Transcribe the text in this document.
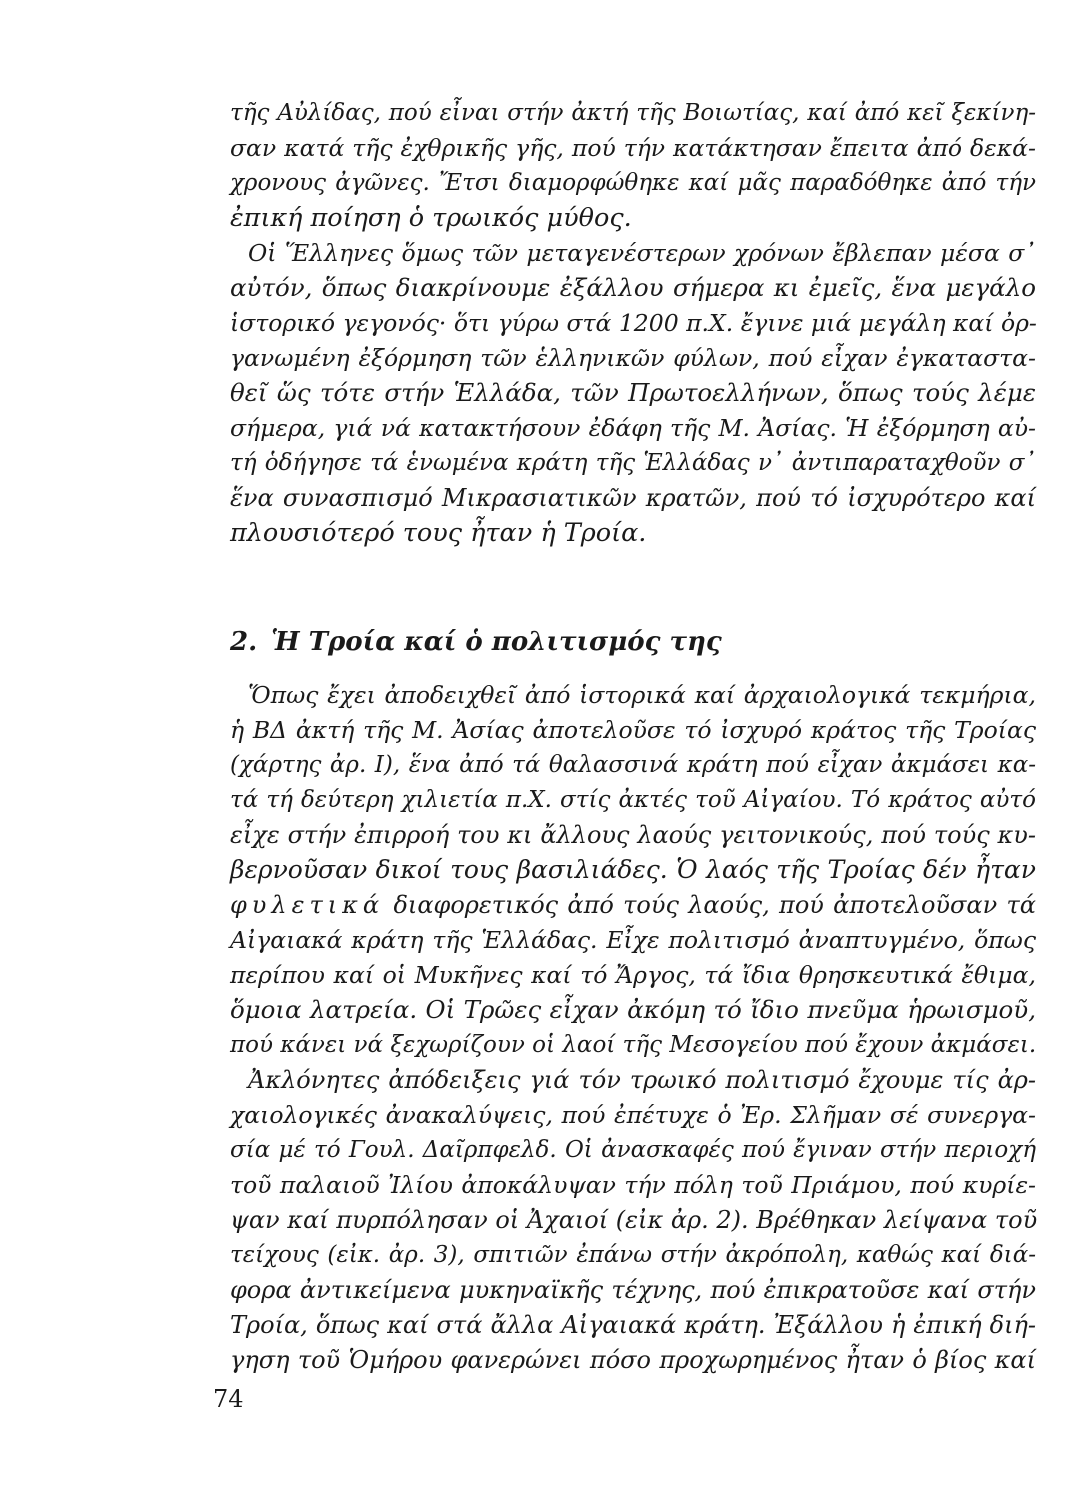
τῆς Αὐλίδας, πού εἶναι στήν ἀκτή τῆς Βοιωτίας, καί ἀπό κεῖ ξεκίνη-
σαν κατά τῆς ἐχθρικῆς γῆς, πού τήν κατάκτησαν ἔπειτα ἀπό δεκά-
χρονους ἀγῶνες. Ἔτσι διαμορφώθηκε καί μᾶς παραδόθηκε ἀπό τήν
ἐπική ποίηση ὁ τρωικός μύθος.
Οἱ Ἕλληνες ὅμως τῶν μεταγενέστερων χρόνων ἔβλεπαν μέσα σ᾽
αὐτόν, ὅπως διακρίνουμε ἐξάλλου σήμερα κι ἐμεῖς, ἕνα μεγάλο
ἱστορικό γεγονός· ὅτι γύρω στά 1200 π.Χ. ἔγινε μιά μεγάλη καί ὀρ-
γανωμένη ἐξόρμηση τῶν ἑλληνικῶν φύλων, πού εἶχαν ἐγκαταστα-
θεῖ ὥς τότε στήν Ἑλλάδα, τῶν Πρωτοελλήνων, ὅπως τούς λέμε
σήμερα, γιά νά κατακτήσουν ἐδάφη τῆς Μ. Ἀσίας. Ἡ ἐξόρμηση αὐ-
τή ὁδήγησε τά ἑνωμένα κράτη τῆς Ἑλλάδας ν᾽ ἀντιπαραταχθοῦν σ᾽
ἕνα συνασπισμό Μικρασιατικῶν κρατῶν, πού τό ἰσχυρότερο καί
πλουσιότερό τους ἦταν ἡ Τροία.
2. Ἡ Τροία καί ὁ πολιτισμός της
Ὅπως ἔχει ἀποδειχθεῖ ἀπό ἱστορικά καί ἀρχαιολογικά τεκμήρια,
ἡ ΒΔ ἀκτή τῆς Μ. Ἀσίας ἀποτελοῦσε τό ἰσχυρό κράτος τῆς Τροίας
(χάρτης ἀρ. Ι), ἕνα ἀπό τά θαλασσινά κράτη πού εἶχαν ἀκμάσει κα-
τά τή δεύτερη χιλιετία π.Χ. στίς ἀκτές τοῦ Αἰγαίου. Τό κράτος αὐτό
εἶχε στήν ἐπιρροή του κι ἄλλους λαούς γειτονικούς, πού τούς κυ-
βερνοῦσαν δικοί τους βασιλιάδες. Ὁ λαός τῆς Τροίας δέν ἦταν
φυλετικά διαφορετικός ἀπό τούς λαούς, πού ἀποτελοῦσαν τά
Αἰγαιακά κράτη τῆς Ἑλλάδας. Εἶχε πολιτισμό ἀναπτυγμένο, ὅπως
περίπου καί οἱ Μυκῆνες καί τό Ἄργος, τά ἴδια θρησκευτικά ἔθιμα,
ὅμοια λατρεία. Οἱ Τρῶες εἶχαν ἀκόμη τό ἴδιο πνεῦμα ἡρωισμοῦ,
πού κάνει νά ξεχωρίζουν οἱ λαοί τῆς Μεσογείου πού ἔχουν ἀκμάσει.
Ἀκλόνητες ἀπόδειξεις γιά τόν τρωικό πολιτισμό ἔχουμε τίς ἀρ-
χαιολογικές ἀνακαλύψεις, πού ἐπέτυχε ὁ Ἐρ. Σλῆμαν σέ συνεργα-
σία μέ τό Γουλ. Δαῖρπφελδ. Οἱ ἀνασκαφές πού ἔγιναν στήν περιοχή
τοῦ παλαιοῦ Ἰλίου ἀποκάλυψαν τήν πόλη τοῦ Πριάμου, πού κυρίε-
ψαν καί πυρπόλησαν οἱ Ἀχαιοί (εἰκ ἀρ. 2). Βρέθηκαν λείψανα τοῦ
τείχους (εἰκ. ἀρ. 3), σπιτιῶν ἐπάνω στήν ἀκρόπολη, καθώς καί διά-
φορα ἀντικείμενα μυκηναϊκῆς τέχνης, πού ἐπικρατοῦσε καί στήν
Τροία, ὅπως καί στά ἄλλα Αἰγαιακά κράτη. Ἐξάλλου ἡ ἐπική διή-
γηση τοῦ Ὁμήρου φανερώνει πόσο προχωρημένος ἦταν ὁ βίος καί
74
